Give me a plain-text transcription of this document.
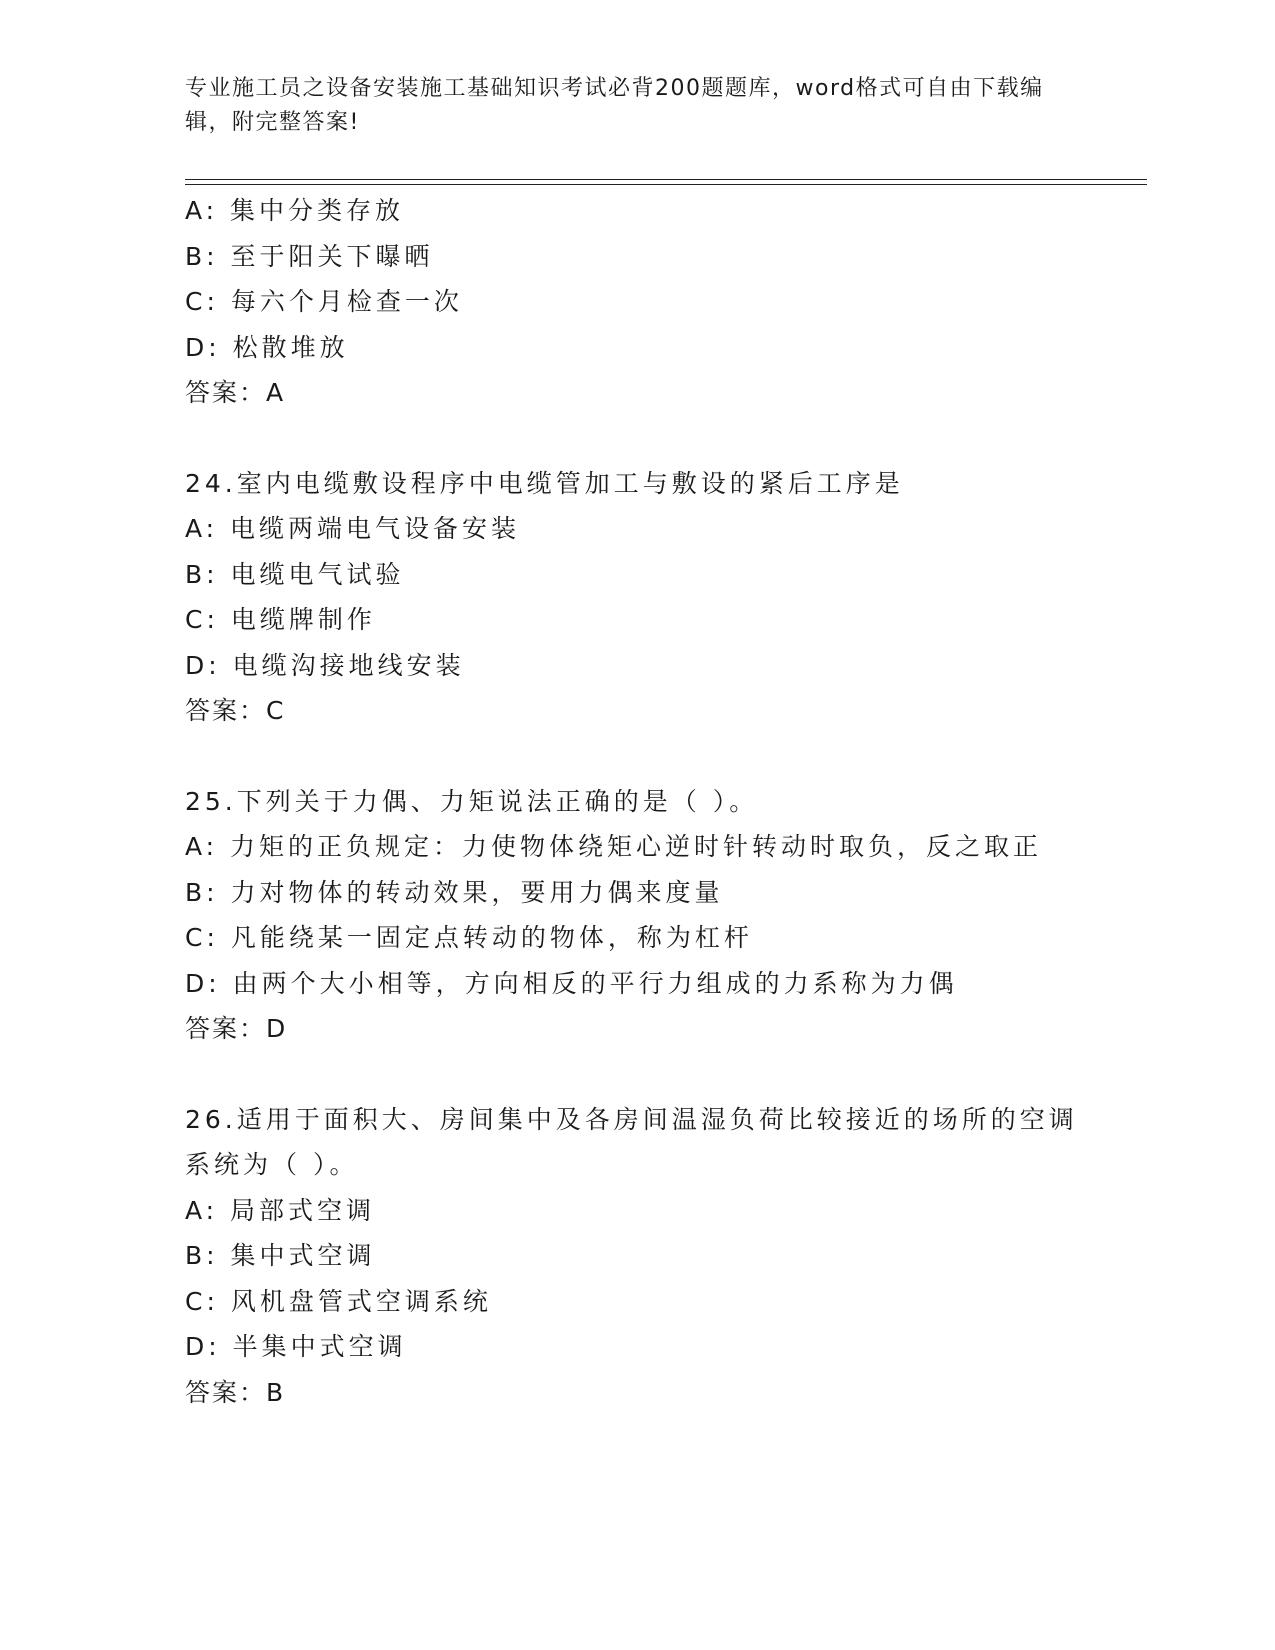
专业施工员之设备安装施工基础知识考试必背200题题库，word格式可自由下载编辑，附完整答案!
A: 集中分类存放
B: 至于阳关下曝晒
C: 每六个月检查一次
D: 松散堆放
答案：A
24.室内电缆敷设程序中电缆管加工与敷设的紧后工序是
A: 电缆两端电气设备安装
B: 电缆电气试验
C: 电缆牌制作
D: 电缆沟接地线安装
答案：C
25.下列关于力偶、力矩说法正确的是（ ）。
A: 力矩的正负规定：力使物体绕矩心逆时针转动时取负，反之取正
B: 力对物体的转动效果，要用力偶来度量
C: 凡能绕某一固定点转动的物体，称为杠杆
D: 由两个大小相等，方向相反的平行力组成的力系称为力偶
答案：D
26.适用于面积大、房间集中及各房间温湿负荷比较接近的场所的空调系统为（ ）。
A: 局部式空调
B: 集中式空调
C: 风机盘管式空调系统
D: 半集中式空调
答案：B
